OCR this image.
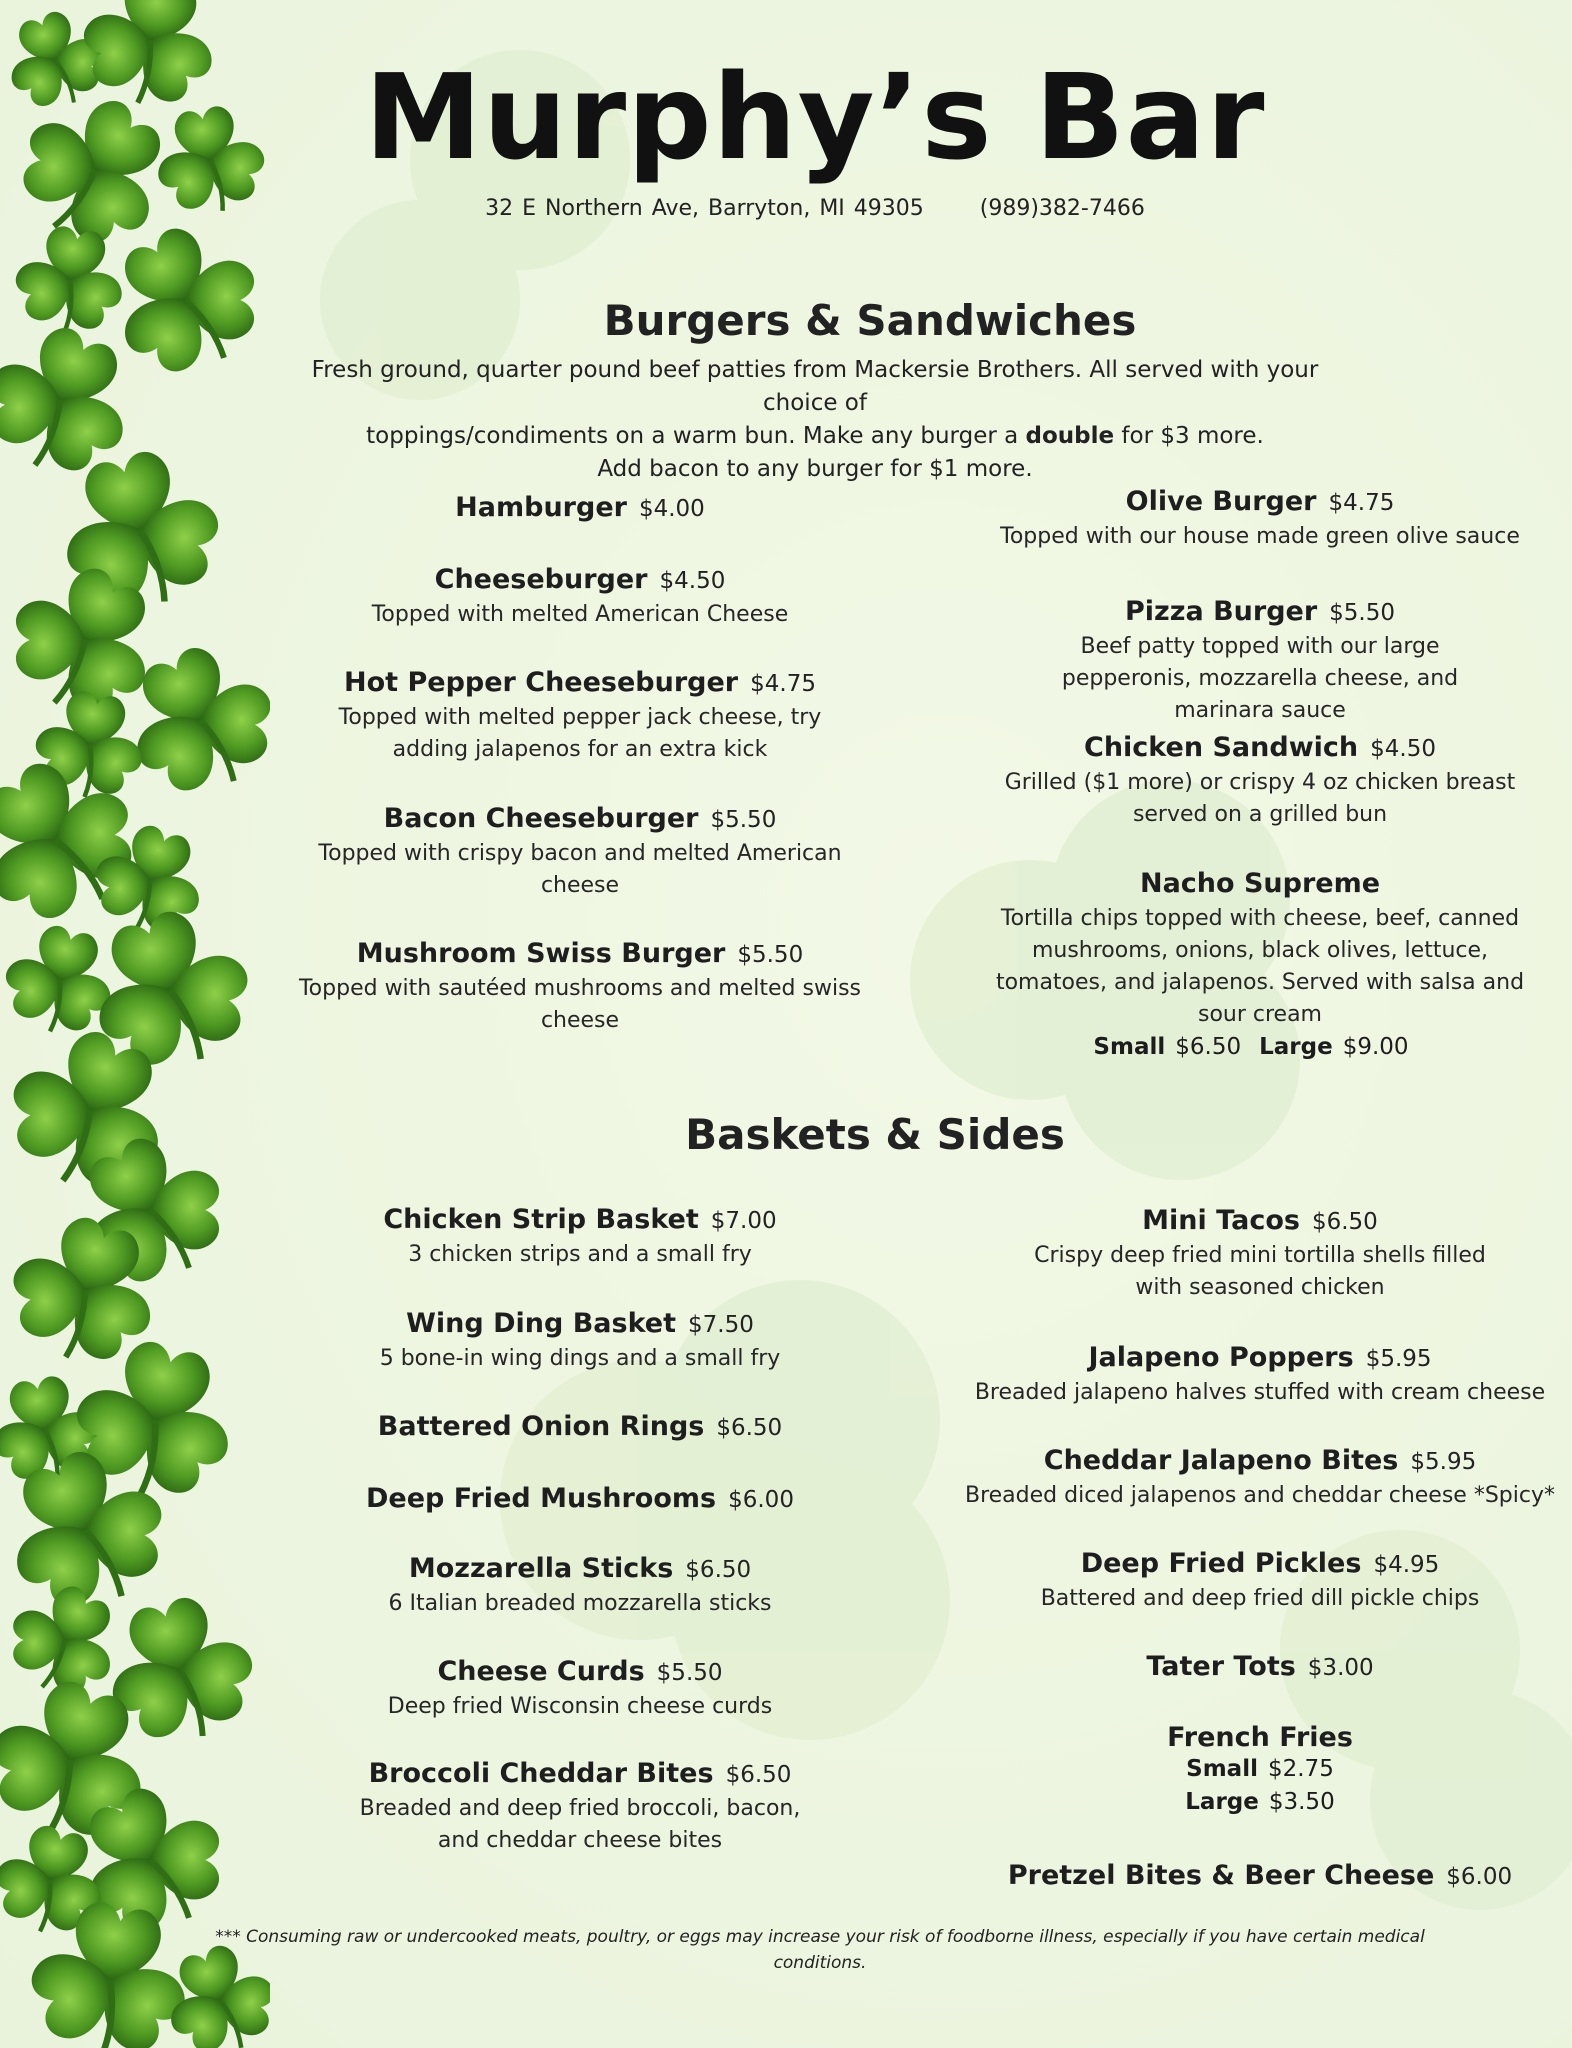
Murphy’s Bar
32 E Northern Ave, Barryton, MI 49305	(989)382-7466
Burgers & Sandwiches
Fresh ground, quarter pound beef patties from Mackersie Brothers. All served with your choice of
toppings/condiments on a warm bun. Make any burger a double for $3 more.
Add bacon to any burger for $1 more.
Hamburger $4.00
Cheeseburger $4.50
Topped with melted American Cheese
Hot Pepper Cheeseburger $4.75
Topped with melted pepper jack cheese, try adding jalapenos for an extra kick
Bacon Cheeseburger $5.50
Topped with crispy bacon and melted American cheese
Mushroom Swiss Burger $5.50
Topped with sautéed mushrooms and melted swiss cheese
Olive Burger $4.75
Topped with our house made green olive sauce
Pizza Burger $5.50
Beef patty topped with our large pepperonis, mozzarella cheese, and marinara sauce
Chicken Sandwich $4.50
Grilled ($1 more) or crispy 4 oz chicken breast served on a grilled bun
Nacho Supreme
Tortilla chips topped with cheese, beef, canned mushrooms, onions, black olives, lettuce, tomatoes, and jalapenos. Served with salsa and sour cream
Small $6.50 Large $9.00
Baskets & Sides
Chicken Strip Basket $7.00
3 chicken strips and a small fry
Wing Ding Basket $7.50
5 bone-in wing dings and a small fry
Battered Onion Rings $6.50
Deep Fried Mushrooms $6.00
Mozzarella Sticks $6.50
6 Italian breaded mozzarella sticks
Cheese Curds $5.50
Deep fried Wisconsin cheese curds
Broccoli Cheddar Bites $6.50
Breaded and deep fried broccoli, bacon, and cheddar cheese bites
Mini Tacos $6.50
Crispy deep fried mini tortilla shells filled with seasoned chicken
Jalapeno Poppers $5.95
Breaded jalapeno halves stuffed with cream cheese
Cheddar Jalapeno Bites $5.95
Breaded diced jalapenos and cheddar cheese *Spicy*
Deep Fried Pickles $4.95
Battered and deep fried dill pickle chips
Tater Tots $3.00
French Fries
Small $2.75
Large $3.50
Pretzel Bites & Beer Cheese $6.00
*** Consuming raw or undercooked meats, poultry, or eggs may increase your risk of foodborne illness, especially if you have certain medical conditions.
